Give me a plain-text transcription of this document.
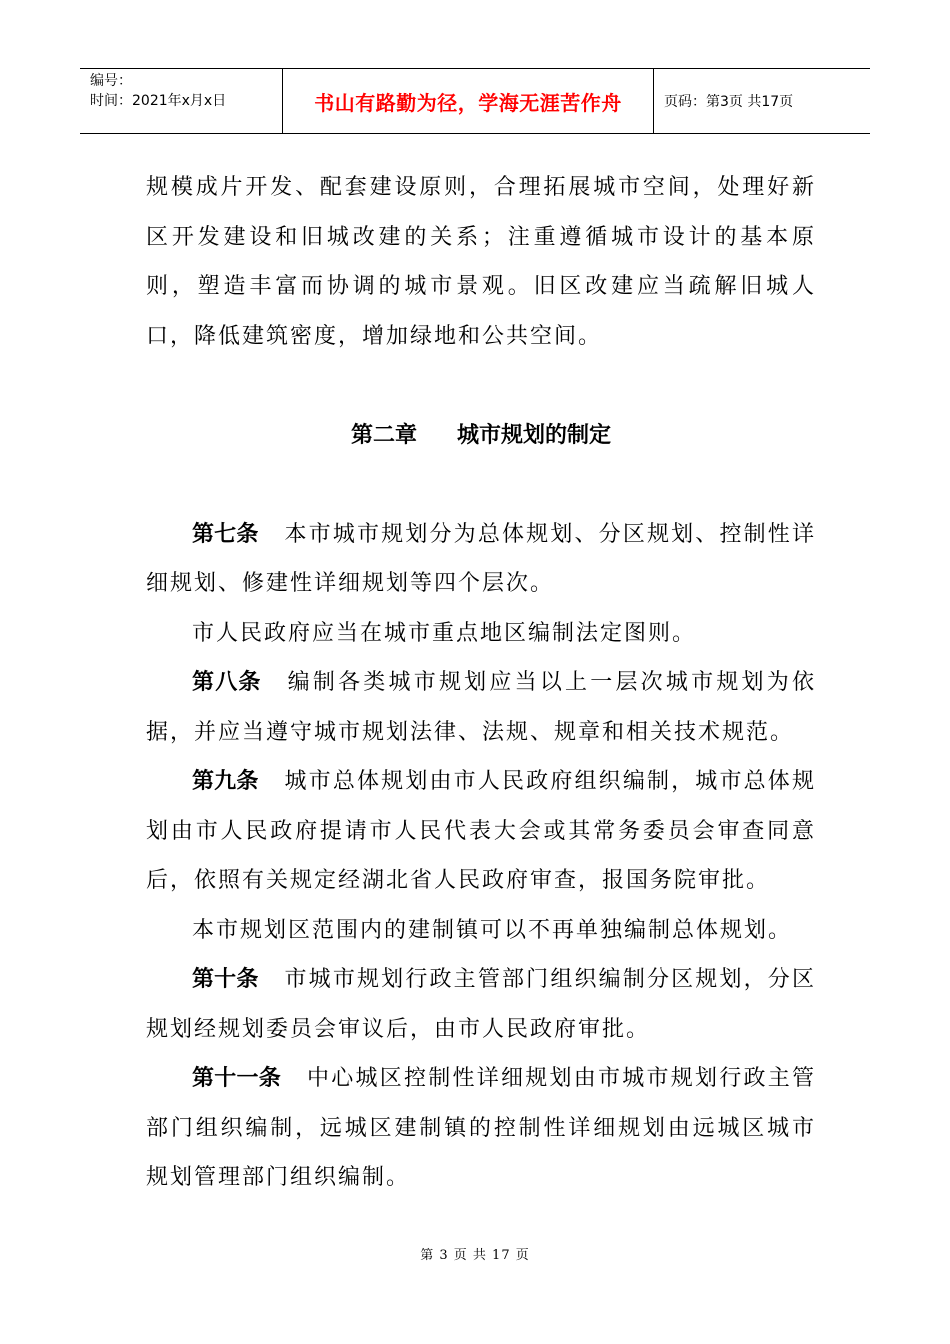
编号：
时间：2021年x月x日	书山有路勤为径，学海无涯苦作舟	页码：第3页 共17页

规模成片开发、配套建设原则，合理拓展城市空间，处理好新区开发建设和旧城改建的关系；注重遵循城市设计的基本原则，塑造丰富而协调的城市景观。旧区改建应当疏解旧城人口，降低建筑密度，增加绿地和公共空间。

第二章 城市规划的制定

第七条 本市城市规划分为总体规划、分区规划、控制性详细规划、修建性详细规划等四个层次。

市人民政府应当在城市重点地区编制法定图则。

第八条 编制各类城市规划应当以上一层次城市规划为依据，并应当遵守城市规划法律、法规、规章和相关技术规范。

第九条 城市总体规划由市人民政府组织编制，城市总体规划由市人民政府提请市人民代表大会或其常务委员会审查同意后，依照有关规定经湖北省人民政府审查，报国务院审批。

本市规划区范围内的建制镇可以不再单独编制总体规划。

第十条 市城市规划行政主管部门组织编制分区规划，分区规划经规划委员会审议后，由市人民政府审批。

第十一条 中心城区控制性详细规划由市城市规划行政主管部门组织编制，远城区建制镇的控制性详细规划由远城区城市规划管理部门组织编制。

第 3 页 共 17 页
